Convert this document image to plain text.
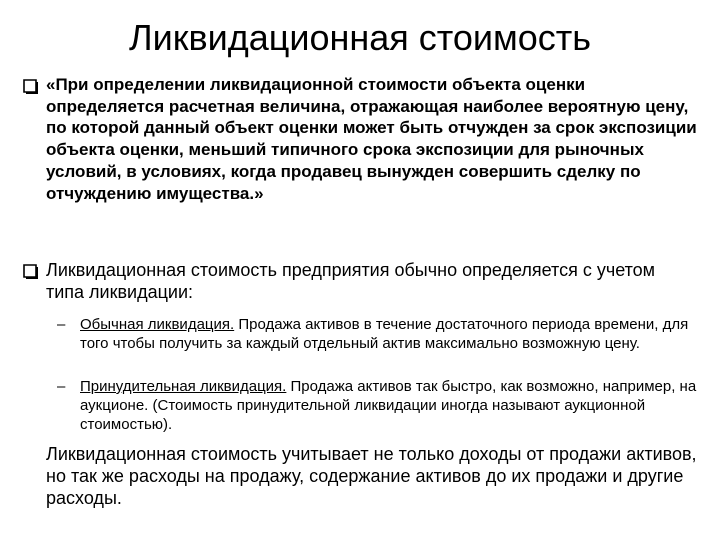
Ликвидационная стоимость
«При определении ликвидационной стоимости объекта оценки определяется расчетная величина, отражающая наиболее вероятную цену, по которой данный объект оценки может быть отчужден за срок экспозиции объекта оценки, меньший типичного срока экспозиции для рыночных условий, в условиях, когда продавец вынужден совершить сделку по отчуждению имущества.»
Ликвидационная стоимость предприятия обычно определяется с учетом типа ликвидации:
– Обычная ликвидация. Продажа активов в течение достаточного периода времени, для того чтобы получить за каждый отдельный актив максимально возможную цену.
– Принудительная ликвидация. Продажа активов так быстро, как возможно, например, на аукционе. (Стоимость принудительной ликвидации иногда называют аукционной стоимостью).
Ликвидационная стоимость учитывает не только доходы от продажи активов, но так же расходы на продажу, содержание активов до их продажи и другие расходы.
